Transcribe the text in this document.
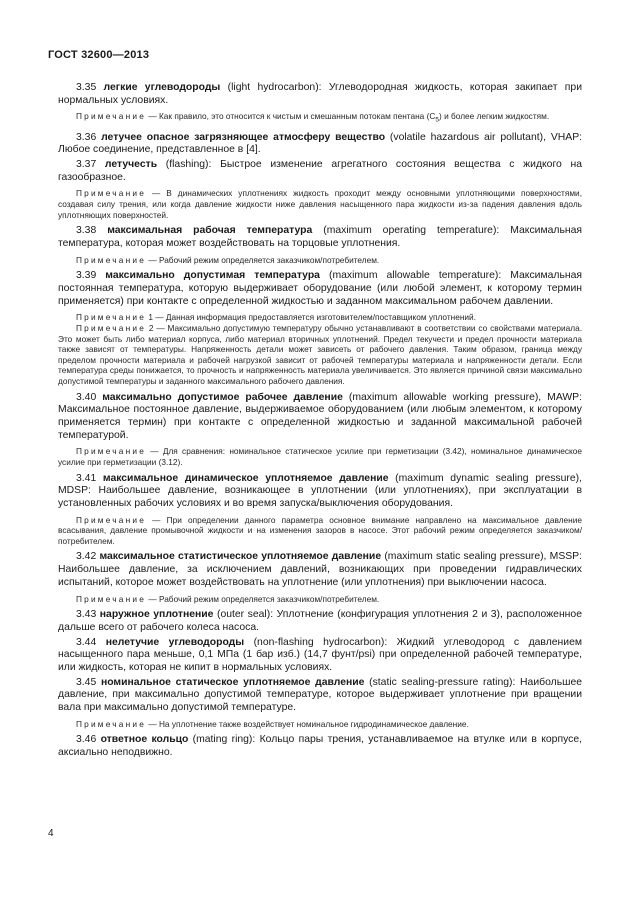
ГОСТ 32600—2013

3.35 легкие углеводороды (light hydrocarbon): Углеводородная жидкость, которая закипает при нормальных условиях.

Примечание — Как правило, это относится к чистым и смешанным потокам пентана $(C_5)$ и более легким жидкостям.

3.36 летучее опасное загрязняющее атмосферу вещество (volatile hazardous air pollutant), VHAP: Любое соединение, представленное в [4].

3.37 летучесть (flashing): Быстрое изменение агрегатного состояния вещества с жидкого на газообразное.

Примечание — В динамических уплотнениях жидкость проходит между основными уплотняющими поверхностями, создавая силу трения, или когда давление жидкости ниже давления насыщенного пара жидкости из-за падения давления вдоль уплотняющих поверхностей.

3.38 максимальная рабочая температура (maximum operating temperature): Максимальная температура, которая может воздействовать на торцовые уплотнения.

Примечание — Рабочий режим определяется заказчиком/потребителем.

3.39 максимально допустимая температура (maximum allowable temperature): Максимальная постоянная температура, которую выдерживает оборудование (или любой элемент, к которому термин применяется) при контакте с определенной жидкостью и заданном максимальном рабочем давлении.

Примечание 1 — Данная информация предоставляется изготовителем/поставщиком уплотнений.

Примечание 2 — Максимально допустимую температуру обычно устанавливают в соответствии со свойствами материала. Это может быть либо материал корпуса, либо материал вторичных уплотнений. Предел текучести и предел прочности материала также зависят от температуры. Напряженность детали может зависеть от рабочего давления. Таким образом, граница между пределом прочности материала и рабочей нагрузкой зависит от рабочей температуры материала и напряженности детали. Если температура среды понижается, то прочность и напряженность материала увеличивается. Это является причиной связи максимально допустимой температуры и заданного максимального рабочего давления.

3.40 максимально допустимое рабочее давление (maximum allowable working pressure), MAWP: Максимальное постоянное давление, выдерживаемое оборудованием (или любым элементом, к которому применяется термин) при контакте с определенной жидкостью и заданной максимальной рабочей температурой.

Примечание — Для сравнения: номинальное статическое усилие при герметизации (3.42), номинальное динамическое усилие при герметизации (3.12).

3.41 максимальное динамическое уплотняемое давление (maximum dynamic sealing pressure), MDSP: Наибольшее давление, возникающее в уплотнении (или уплотнениях), при эксплуатации в установленных рабочих условиях и во время запуска/выключения оборудования.

Примечание — При определении данного параметра основное внимание направлено на максимальное давление всасывания, давление промывочной жидкости и на изменения зазоров в насосе. Этот рабочий режим определяется заказчиком/потребителем.

3.42 максимальное статистическое уплотняемое давление (maximum static sealing pressure), MSSP: Наибольшее давление, за исключением давлений, возникающих при проведении гидравлических испытаний, которое может воздействовать на уплотнение (или уплотнения) при выключении насоса.

Примечание — Рабочий режим определяется заказчиком/потребителем.

3.43 наружное уплотнение (outer seal): Уплотнение (конфигурация уплотнения 2 и 3), расположенное дальше всего от рабочего колеса насоса.

3.44 нелетучие углеводороды (non-flashing hydrocarbon): Жидкий углеводород с давлением насыщенного пара меньше, 0,1 МПа (1 бар изб.) (14,7 фунт/psi) при определенной рабочей температуре, или жидкость, которая не кипит в нормальных условиях.

3.45 номинальное статическое уплотняемое давление (static sealing-pressure rating): Наибольшее давление, при максимально допустимой температуре, которое выдерживает уплотнение при вращении вала при максимально допустимой температуре.

Примечание — На уплотнение также воздействует номинальное гидродинамическое давление.

3.46 ответное кольцо (mating ring): Кольцо пары трения, устанавливаемое на втулке или в корпусе, аксиально неподвижно.

4
